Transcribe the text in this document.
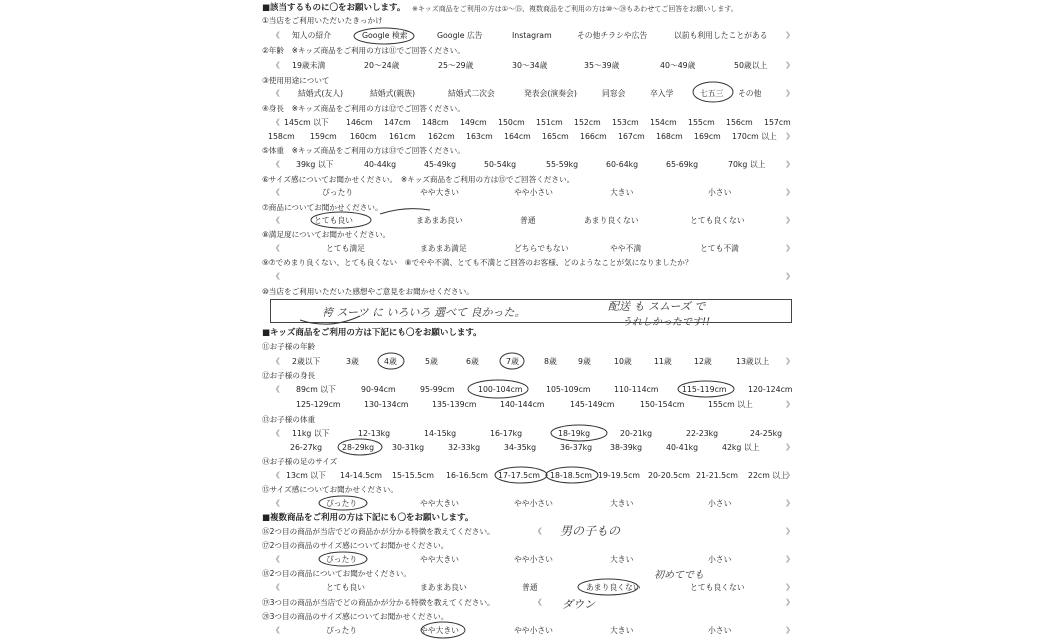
■該当するものに〇をお願いします。 ※キッズ商品をご利用の方は①～⑮、複数商品をご利用の方は⑩～⑳もあわせてご回答をお願いします。
①当店をご利用いただいたきっかけ
《 知人の紹介	Google 検索	Google 広告	Instagram	その他チラシや広告	以前も利用したことがある 》
②年齢　※キッズ商品をご利用の方は⑪でご回答ください。
《 19歳未満	20～24歳	25～29歳	30～34歳	35～39歳	40～49歳	50歳以上 》
③使用用途について
《 結婚式(友人)	結婚式(親族)	結婚式二次会	発表会(演奏会)	同窓会	卒入学	七五三 その他	》
④身長　※キッズ商品をご利用の方は⑫でご回答ください。
《 145cm 以下 146cm 147cm 148cm 149cm 150cm 151cm 152cm 153cm 154cm 155cm 156cm 157cm
158cm 159cm 160cm 161cm 162cm 163cm 164cm 165cm 166cm 167cm 168cm 169cm 170cm 以上 》
⑤体重　※キッズ商品をご利用の方は⑬でご回答ください。
《 39kg 以下	40-44kg	45-49kg	50-54kg	55-59kg	60-64kg	65-69kg	70kg 以上	》
⑥サイズ感についてお聞かせください。　※キッズ商品をご利用の方は⑮でご回答ください。
《	ぴったり	やや大きい	やや小さい	大きい	小さい	》
⑦商品についてお聞かせください。
《	とても良い	まあまあ良い	普通	あまり良くない	とても良くない	》
⑧満足度についてお聞かせください。
《	とても満足	まあまあ満足	どちらでもない	やや不満	とても不満	》
⑨⑦でめまり良くない、とても良くない　⑧でやや不満、とても不満とご回答のお客様、どのようなことが気になりましたか？
《	》
⑩当店をご利用いただいた感想やご意見をお聞かせください。
袴 スーツ に いろいろ 選べて 良かった。	配送 も スムーズ で
うれしかったです!!
■キッズ商品をご利用の方は下記にも〇をお願いします。
⑪お子様の年齢
《 2歳以下	3歳	4歳	5歳	6歳	7歳	8歳	9歳	10歳	11歳	12歳	13歳以上 》
⑫お子様の身長
《 89cm 以下	90-94cm	95-99cm	100-104cm	105-109cm	110-114cm	115-119cm	120-124cm
125-129cm	130-134cm	135-139cm	140-144cm	145-149cm	150-154cm	155cm 以上	》
⑬お子様の体重
《 11kg 以下	12-13kg	14-15kg	16-17kg	18-19kg	20-21kg	22-23kg	24-25kg
26-27kg	28-29kg 30-31kg	32-33kg	34-35kg	36-37kg 38-39kg	40-41kg	42kg 以上	》
⑭お子様の足のサイズ
《 13cm 以下 14-14.5cm 15-15.5cm 16-16.5cm 17-17.5cm 18-18.5cm 19-19.5cm 20-20.5cm 21-21.5cm 22cm 以上
》
⑮サイズ感についてお聞かせください。
《	ぴったり	やや大きい	やや小さい	大きい	小さい	》
■複数商品をご利用の方は下記にも〇をお願いします。
⑯2つ目の商品が当店でどの商品かが分かる特徴を教えてください。	男の子もの
《	》
⑰2つ目の商品のサイズ感についてお聞かせください。
《	ぴったり	やや大きい	やや小さい	大きい	小さい	》
⑱2つ目の商品についてお聞かせください。
《	とても良い	まあまあ良い	普通	あまり良くない	とても良くない	》
初めてでも
⑲3つ目の商品が当店でどの商品かが分かる特徴を教えてください。	ダウン
《	》
⑳3つ目の商品のサイズ感についてお聞かせください。
《	ぴったり	やや大きい	やや小さい	大きい	小さい	》
